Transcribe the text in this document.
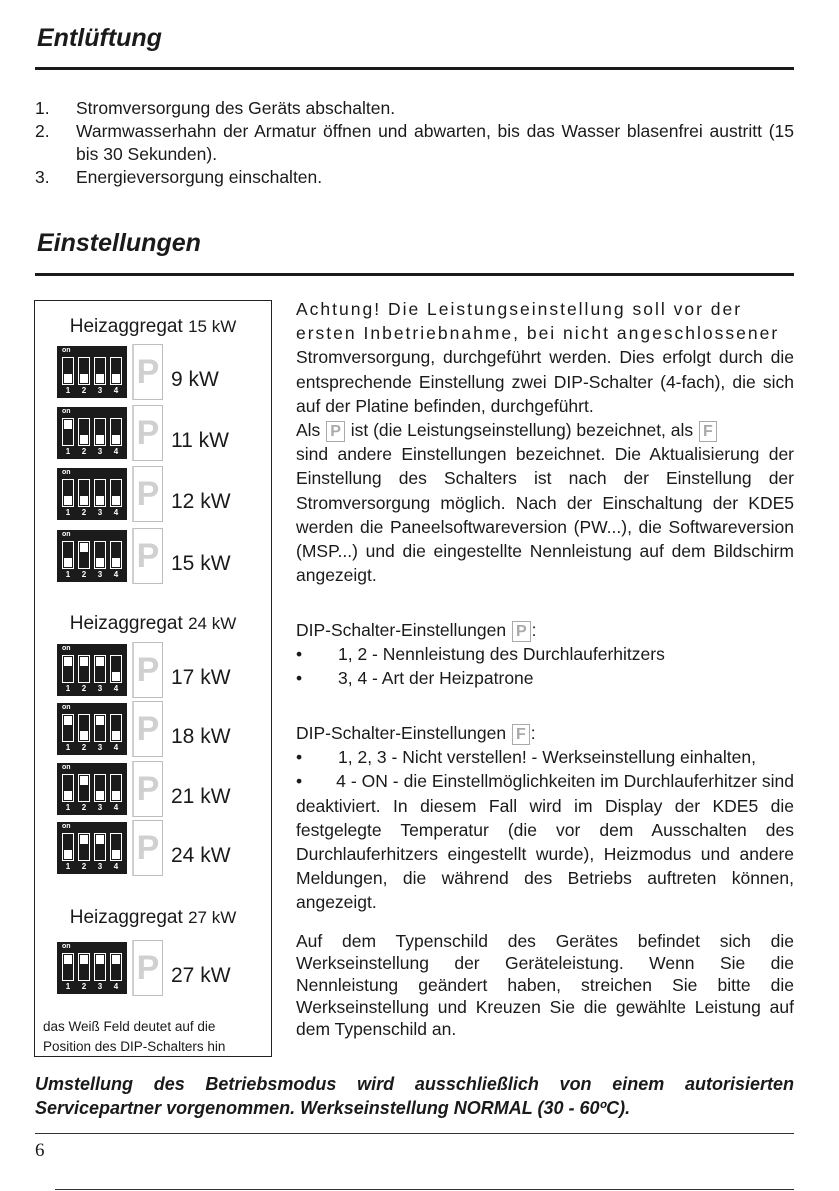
Entlüftung
1.	Stromversorgung des Geräts abschalten.
2.	Warmwasserhahn der Armatur öffnen und abwarten, bis das Wasser blasenfrei austritt (15 bis 30 Sekunden).
3.	Energieversorgung einschalten.
Einstellungen
Heizaggregat 15 kW
Heizaggregat 24 kW
Heizaggregat 27 kW
das Weiß Feld deutet auf die
Position des DIP-Schalters hin
on
1	2	3	4 P 9 kW
on
1	2	3	4 P 11 kW
on
1	2	3	4 P 12 kW
on
1	2	3	4 P 15 kW
on
1	2	3	4 P 17 kW
on
1	2	3	4 P 18 kW
on
1	2	3	4 P 21 kW
on
1	2	3	4 P 24 kW
on
1	2	3	4 P 27 kW
Achtung! Die Leistungseinstellung soll vor der
ersten Inbetriebnahme, bei nicht angeschlossener
Stromversorgung, durchgeführt werden. Dies erfolgt durch die entsprechende Einstellung zwei DIP-Schalter (4-fach), die sich auf der Platine befinden, durchgeführt.
Als P ist (die Leistungseinstellung) bezeichnet, als F
sind andere Einstellungen bezeichnet. Die Aktualisierung der Einstellung des Schalters ist nach der Einstellung der Stromversorgung möglich. Nach der Einschaltung der KDE5 werden die Paneelsoftwareversion (PW...), die Softwareversion (MSP...) und die eingestellte Nennleistung auf dem Bildschirm angezeigt.
DIP-Schalter-Einstellungen P :
•	1, 2 - Nennleistung des Durchlauferhitzers
•	3, 4 - Art der Heizpatrone
DIP-Schalter-Einstellungen F :
•	1, 2, 3 - Nicht verstellen! - Werkseinstellung einhalten,
• 4 - ON - die Einstellmöglichkeiten im Durchlauferhitzer sind deaktiviert. In diesem Fall wird im Display der KDE5 die festgelegte Temperatur (die vor dem Ausschalten des Durchlauferhitzers eingestellt wurde), Heizmodus und andere Meldungen, die während des Betriebs auftreten können, angezeigt.
Auf dem Typenschild des Gerätes befindet sich die Werkseinstellung der Geräteleistung. Wenn Sie die Nennleistung geändert haben, streichen Sie bitte die Werkseinstellung und Kreuzen Sie die gewählte Leistung auf dem Typenschild an.
Umstellung des Betriebsmodus wird ausschließlich von einem autorisierten Servicepartner vorgenommen. Werkseinstellung NORMAL (30 - 60ºC).
6
